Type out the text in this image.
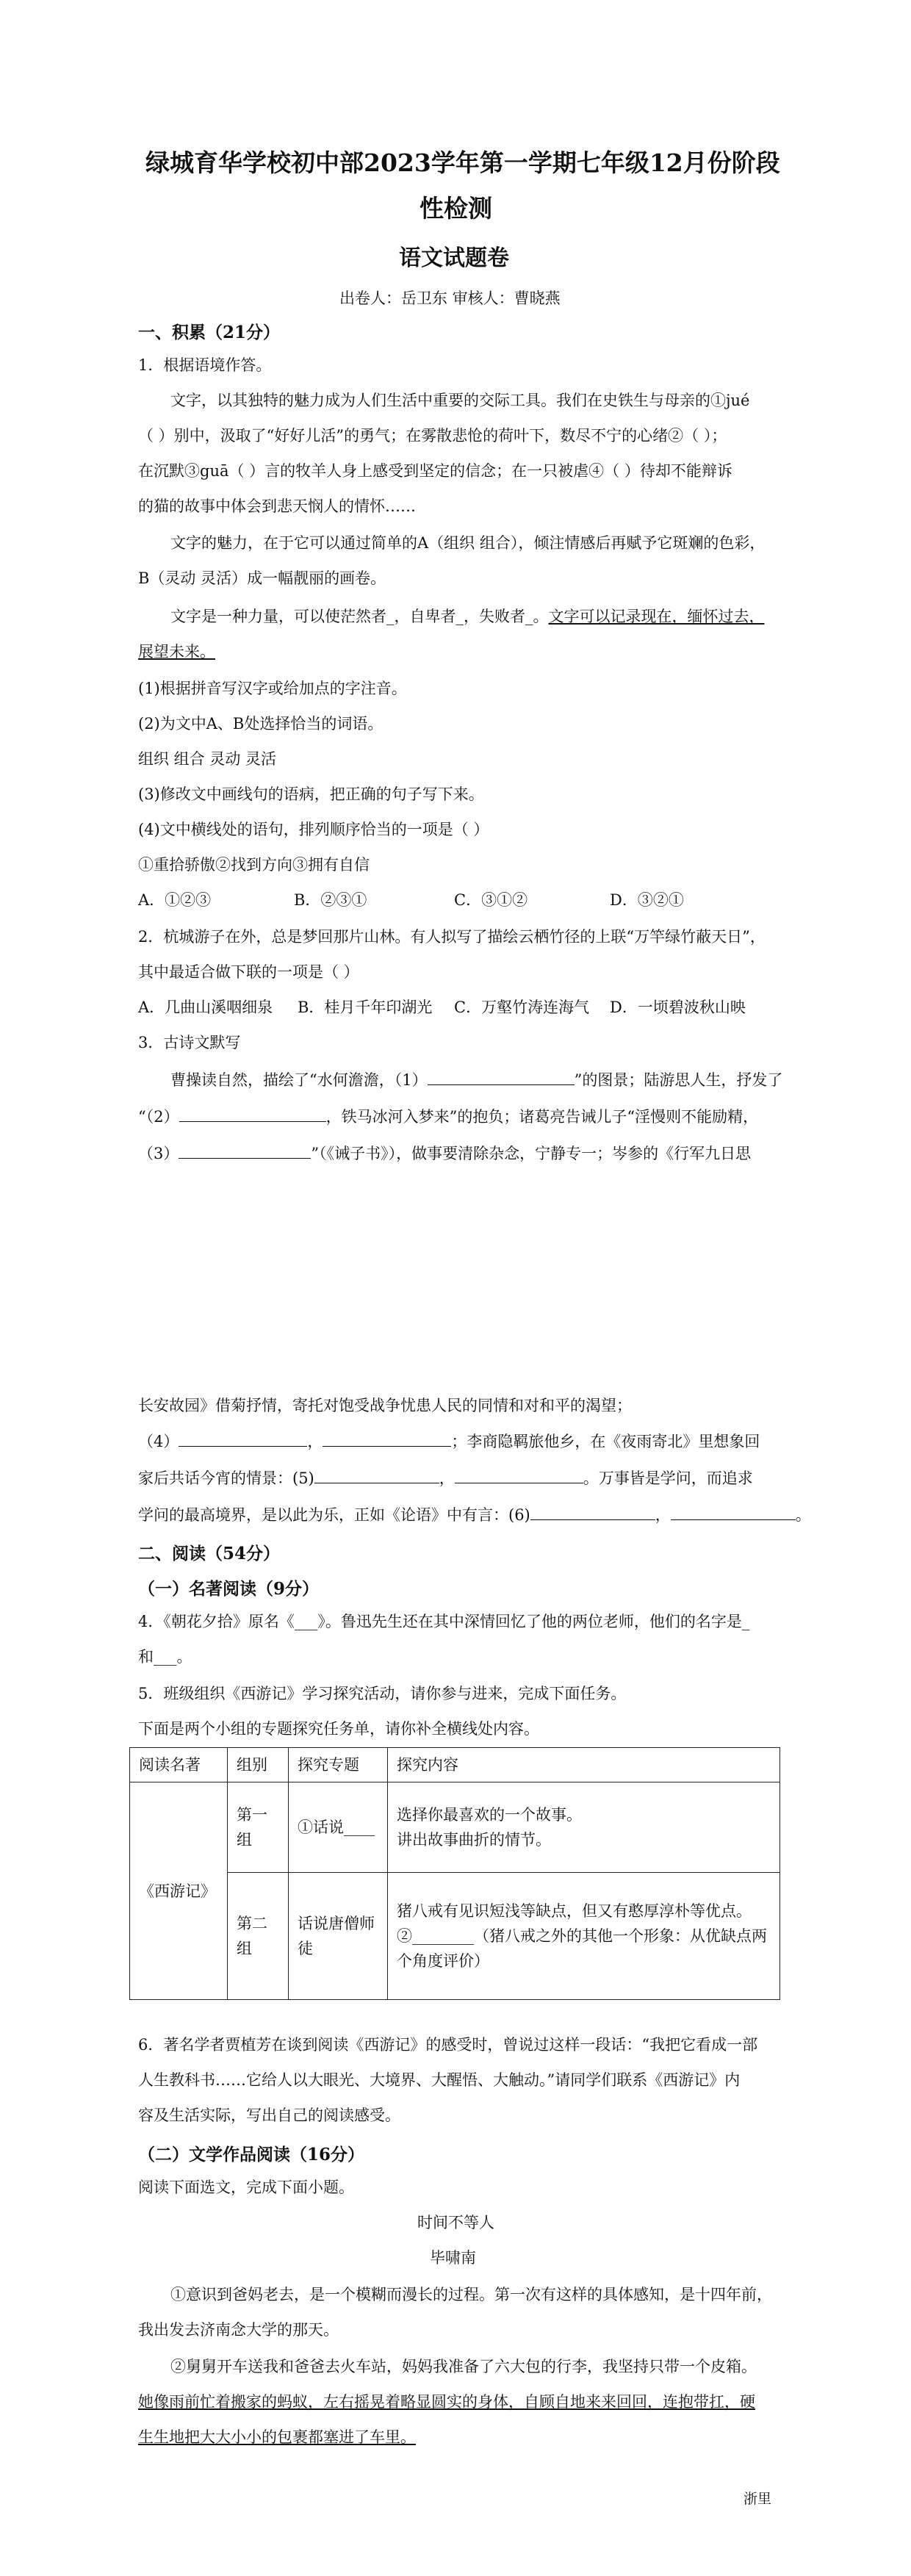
绿城育华学校初中部2023学年第一学期七年级12月份阶段
性检测
语文试题卷
出卷人：岳卫东 审核人：曹晓燕
一、积累（21分）
1．根据语境作答。
文字，以其独特的魅力成为人们生活中重要的交际工具。我们在史铁生与母亲的①jué
（ ）别中，汲取了“好好儿活”的勇气；在雾散悲怆的荷叶下，数尽不宁的心绪②（ ）；
在沉默③guā（ ）言的牧羊人身上感受到坚定的信念；在一只被虐④（ ）待却不能辩诉
的猫的故事中体会到悲天悯人的情怀……
文字的魅力，在于它可以通过简单的A（组织 组合），倾注情感后再赋予它斑斓的色彩，
B（灵动 灵活）成一幅靓丽的画卷。
文字是一种力量，可以使茫然者_，自卑者_，失败者_。文字可以记录现在，缅怀过去，
展望未来。
(1)根据拼音写汉字或给加点的字注音。
(2)为文中A、B处选择恰当的词语。
组织 组合 灵动 灵活
(3)修改文中画线句的语病，把正确的句子写下来。
(4)文中横线处的语句，排列顺序恰当的一项是（ ）
①重拾骄傲②找到方向③拥有自信
A．①②③	B．②③①	C．③①②	D．③②①
2．杭城游子在外，总是梦回那片山林。有人拟写了描绘云栖竹径的上联“万竿绿竹蔽天日”，
其中最适合做下联的一项是（ ）
A．几曲山溪咽细泉 B．桂月千年印湖光 C．万壑竹涛连海气 D．一顷碧波秋山映
3．古诗文默写
曹操读自然，描绘了“水何澹澹，（1）	”的图景；陆游思人生，抒发了
“（2）	，铁马冰河入梦来”的抱负；诸葛亮告诫儿子“淫慢则不能励精，
（3）	”（《诫子书》），做事要清除杂念，宁静专一；岑参的《行军九日思
长安故园》借菊抒情，寄托对饱受战争忧患人民的同情和对和平的渴望；
（4）	，	；李商隐羁旅他乡，在《夜雨寄北》里想象回
家后共话今宵的情景：(5)	，	。万事皆是学问，而追求
学问的最高境界，是以此为乐，正如《论语》中有言：(6)	，	。
二、阅读（54分）
（一）名著阅读（9分）
4．《朝花夕拾》原名《___》。鲁迅先生还在其中深情回忆了他的两位老师，他们的名字是_
和___。
5．班级组织《西游记》学习探究活动，请你参与进来，完成下面任务。
下面是两个小组的专题探究任务单，请你补全横线处内容。
阅读名著	组别	探究专题	探究内容
《西游记》	第一组	①话说____	选择你最喜欢的一个故事。
讲出故事曲折的情节。

	第二组	话说唐僧师徒	猪八戒有见识短浅等缺点，但又有憨厚淳朴等优点。
②________（猪八戒之外的其他一个形象：从优缺点两
个角度评价）
6．著名学者贾植芳在谈到阅读《西游记》的感受时，曾说过这样一段话：“我把它看成一部
人生教科书……它给人以大眼光、大境界、大醒悟、大触动。”请同学们联系《西游记》内
容及生活实际，写出自己的阅读感受。
（二）文学作品阅读（16分）
阅读下面选文，完成下面小题。
时间不等人
毕啸南
①意识到爸妈老去，是一个模糊而漫长的过程。第一次有这样的具体感知，是十四年前，
我出发去济南念大学的那天。
②舅舅开车送我和爸爸去火车站，妈妈我准备了六大包的行李，我坚持只带一个皮箱。
她像雨前忙着搬家的蚂蚁，左右摇晃着略显圆实的身体，自顾自地来来回回，连抱带扛，硬
生生地把大大小小的包裹都塞进了车里。
浙里
